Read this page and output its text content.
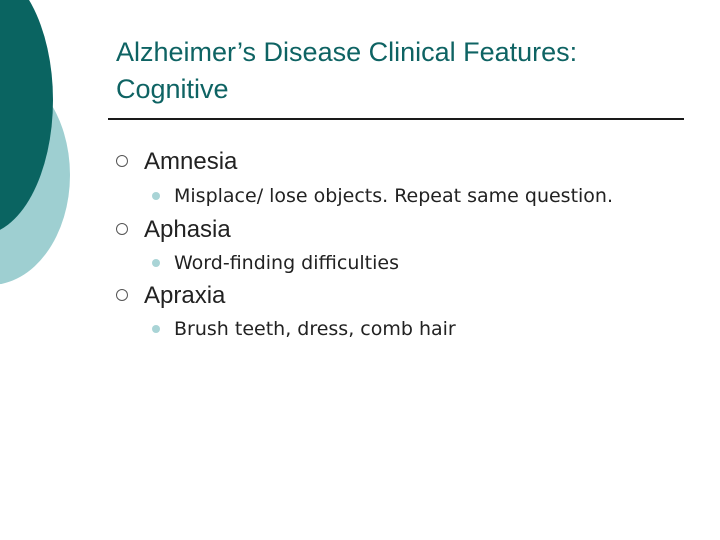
Alzheimer’s Disease Clinical Features: Cognitive
Amnesia
Misplace/ lose objects. Repeat same question.
Aphasia
Word-finding difficulties
Apraxia
Brush teeth, dress, comb hair
